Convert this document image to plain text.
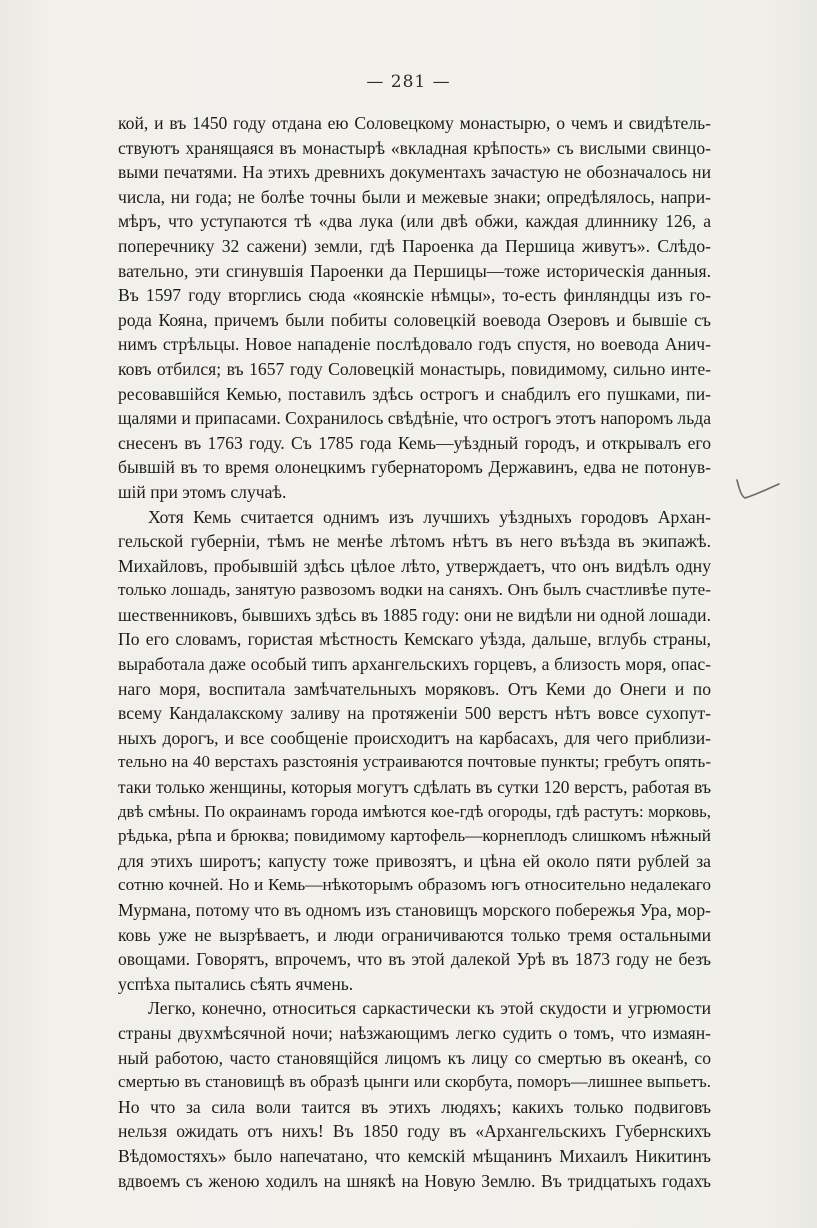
— 281 —
кой, и въ 1450 году отдана ею Соловецкому монастырю, о чемъ и свидѣтель-
ствуютъ хранящаяся въ монастырѣ «вкладная крѣпость» съ вислыми свинцо-
выми печатями. На этихъ древнихъ документахъ зачастую не обозначалось ни
числа, ни года; не болѣе точны были и межевые знаки; опредѣлялось, напри-
мѣръ, что уступаются тѣ «два лука (или двѣ обжи, каждая длиннику 126, а
поперечнику 32 сажени) земли, гдѣ Пароенка да Першица живутъ». Слѣдо-
вательно, эти сгинувшія Пароенки да Першицы—тоже историческія данныя.
Въ 1597 году вторглись сюда «коянскіе нѣмцы», то-есть финляндцы изъ го-
рода Кояна, причемъ были побиты соловецкій воевода Озеровъ и бывшіе съ
нимъ стрѣльцы. Новое нападеніе послѣдовало годъ спустя, но воевода Анич-
ковъ отбился; въ 1657 году Соловецкій монастырь, повидимому, сильно инте-
ресовавшійся Кемью, поставилъ здѣсь острогъ и снабдилъ его пушками, пи-
щалями и припасами. Сохранилось свѣдѣніе, что острогъ этотъ напоромъ льда
снесенъ въ 1763 году. Съ 1785 года Кемь—уѣздный городъ, и открывалъ его
бывшій въ то время олонецкимъ губернаторомъ Державинъ, едва не потонув-
шій при этомъ случаѣ.
Хотя Кемь считается однимъ изъ лучшихъ уѣздныхъ городовъ Архан-
гельской губерніи, тѣмъ не менѣе лѣтомъ нѣтъ въ него въѣзда въ экипажѣ.
Михайловъ, пробывшій здѣсь цѣлое лѣто, утверждаетъ, что онъ видѣлъ одну
только лошадь, занятую развозомъ водки на саняхъ. Онъ былъ счастливѣе путе-
шественниковъ, бывшихъ здѣсь въ 1885 году: они не видѣли ни одной лошади.
По его словамъ, гористая мѣстность Кемскаго уѣзда, дальше, вглубь страны,
выработала даже особый типъ архангельскихъ горцевъ, а близость моря, опас-
наго моря, воспитала замѣчательныхъ моряковъ. Отъ Кеми до Онеги и по
всему Кандалакскому заливу на протяженіи 500 верстъ нѣтъ вовсе сухопут-
ныхъ дорогъ, и все сообщеніе происходитъ на карбасахъ, для чего приблизи-
тельно на 40 верстахъ разстоянія устраиваются почтовые пункты; гребутъ опять-
таки только женщины, которыя могутъ сдѣлать въ сутки 120 верстъ, работая въ
двѣ смѣны. По окраинамъ города имѣются кое-гдѣ огороды, гдѣ растутъ: морковь,
рѣдька, рѣпа и брюква; повидимому картофель—корнеплодъ слишкомъ нѣжный
для этихъ широтъ; капусту тоже привозятъ, и цѣна ей около пяти рублей за
сотню кочней. Но и Кемь—нѣкоторымъ образомъ югъ относительно недалекаго
Мурмана, потому что въ одномъ изъ становищъ морского побережья Ура, мор-
ковь уже не вызрѣваетъ, и люди ограничиваются только тремя остальными
овощами. Говорятъ, впрочемъ, что въ этой далекой Урѣ въ 1873 году не безъ
успѣха пытались сѣять ячмень.
Легко, конечно, относиться саркастически къ этой скудости и угрюмости
страны двухмѣсячной ночи; наѣзжающимъ легко судить о томъ, что измаян-
ный работою, часто становящійся лицомъ къ лицу со смертью въ океанѣ, со
смертью въ становищѣ въ образѣ цынги или скорбута, поморъ—лишнее выпьетъ.
Но что за сила воли таится въ этихъ людяхъ; какихъ только подвиговъ
нельзя ожидать отъ нихъ! Въ 1850 году въ «Архангельскихъ Губернскихъ
Вѣдомостяхъ» было напечатано, что кемскій мѣщанинъ Михаилъ Никитинъ
вдвоемъ съ женою ходилъ на шнякѣ на Новую Землю. Въ тридцатыхъ годахъ
